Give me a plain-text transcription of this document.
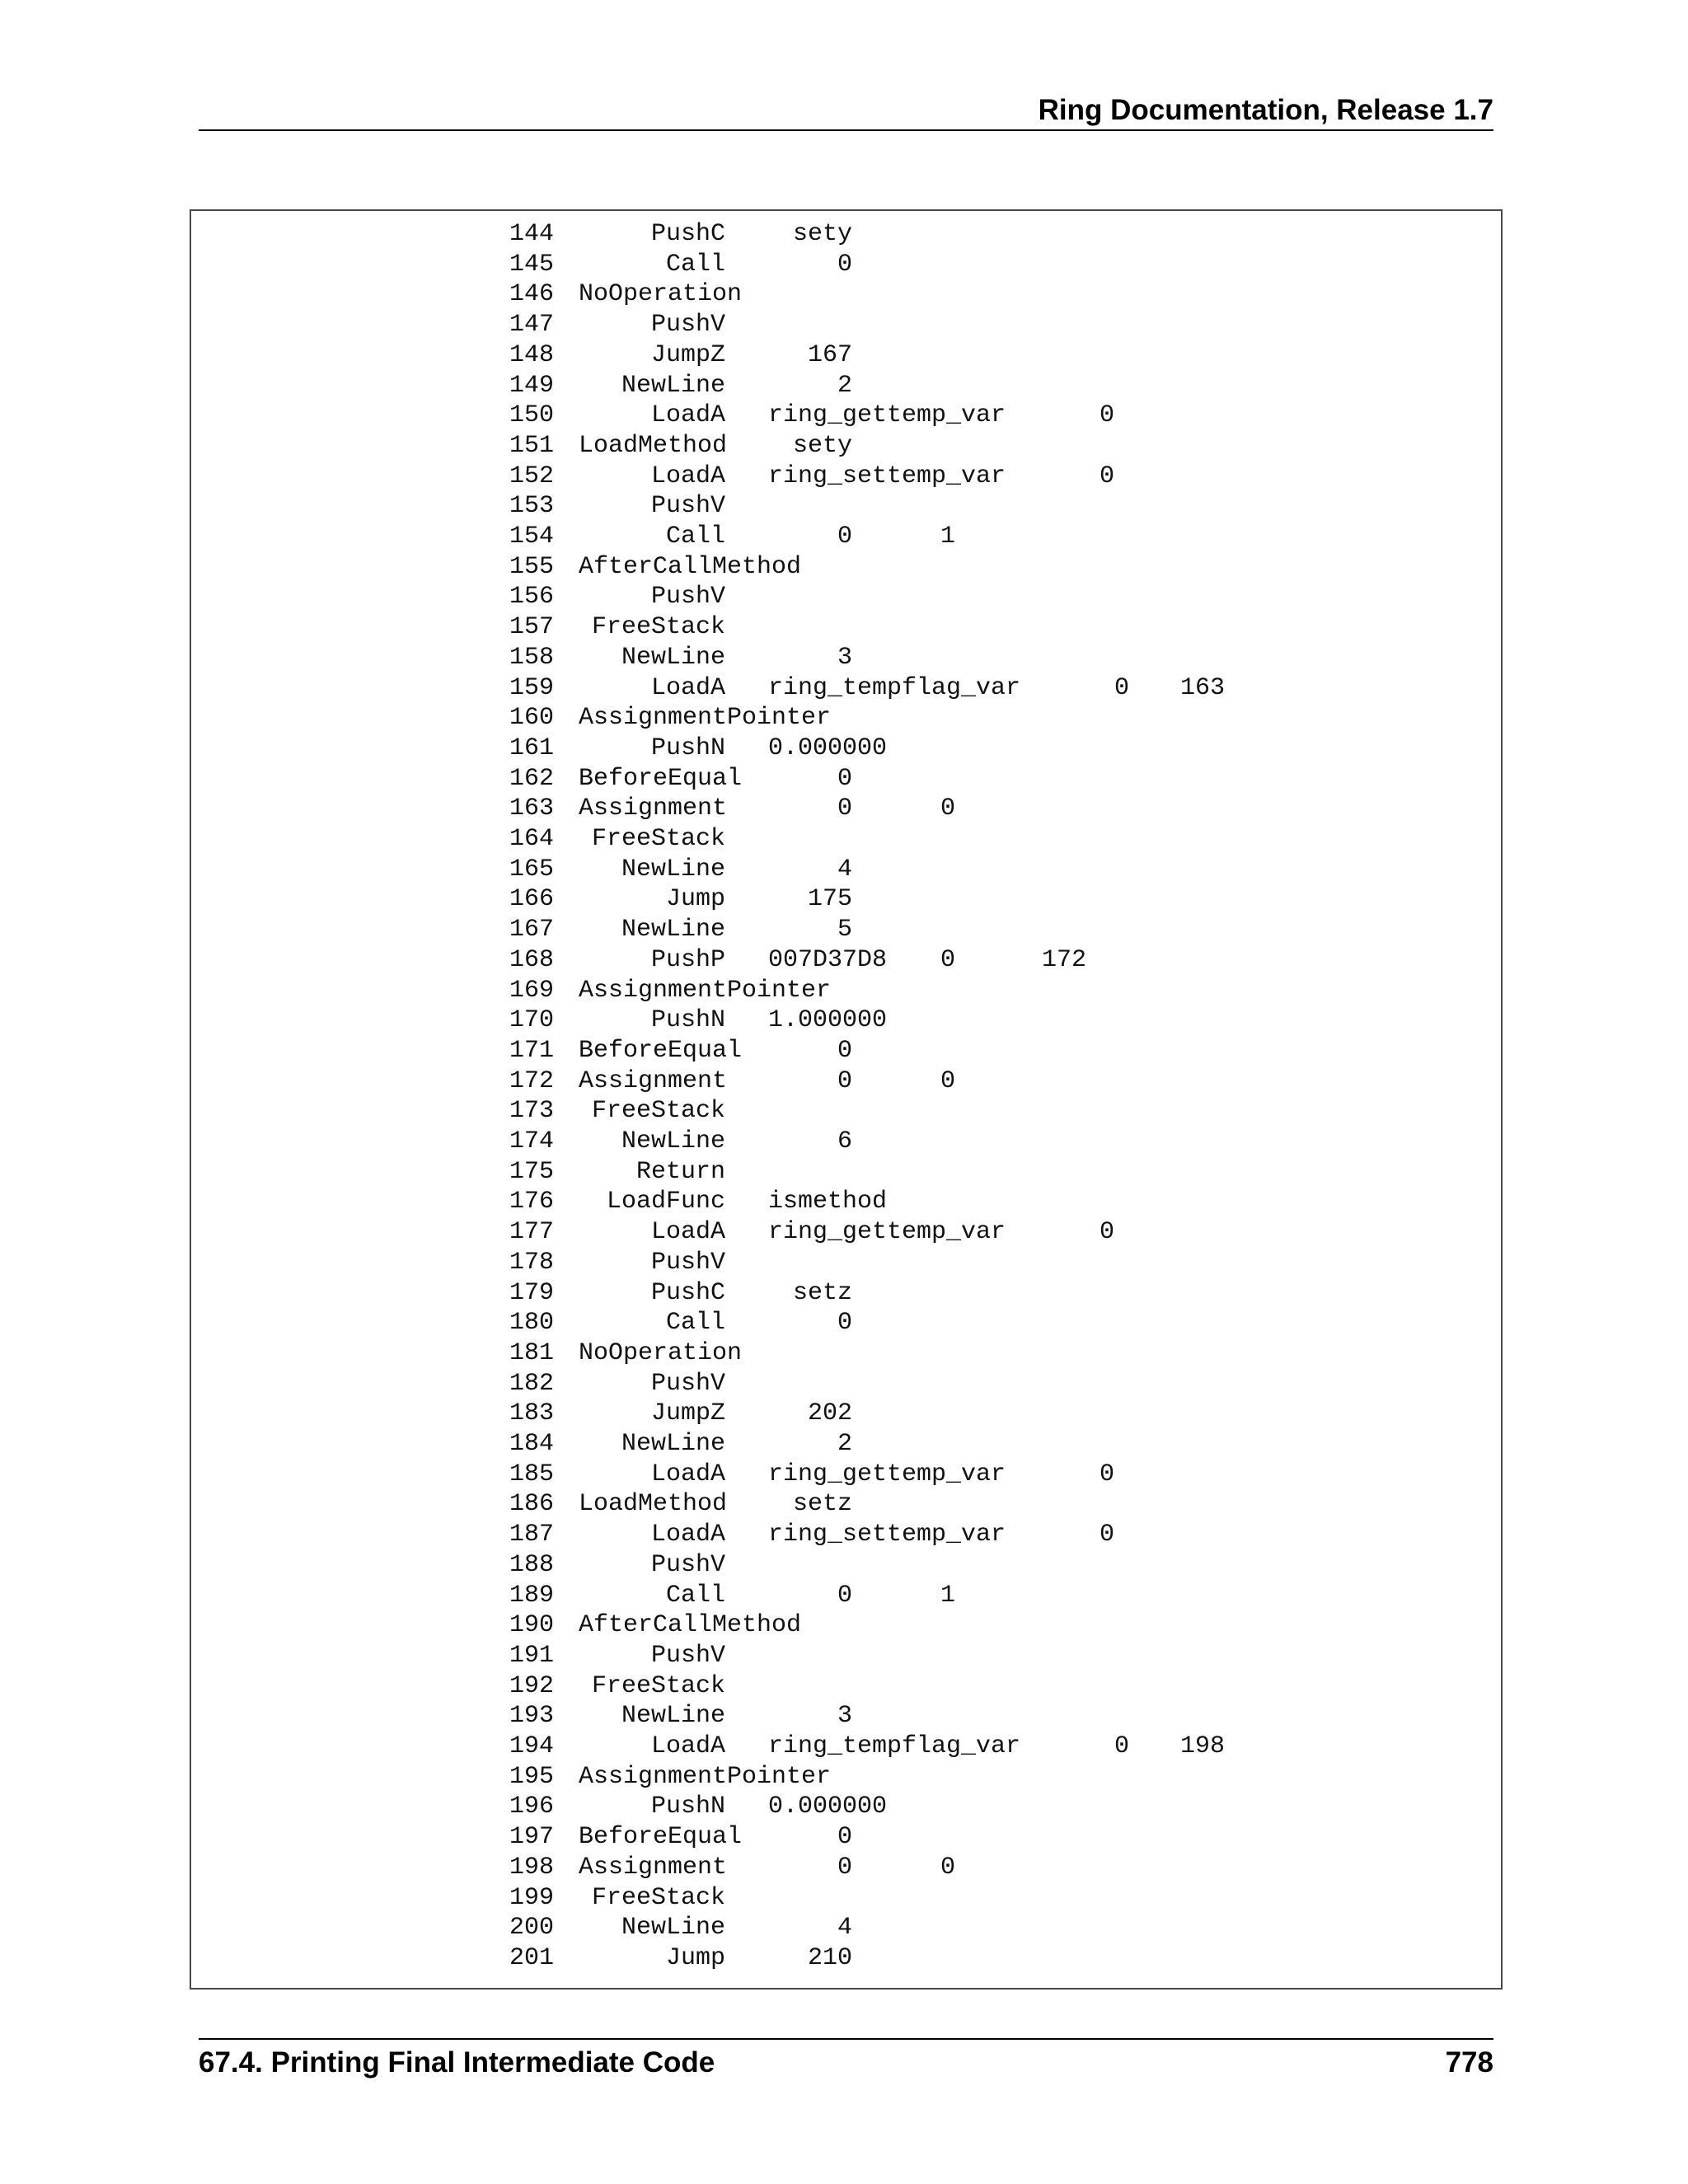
Ring Documentation, Release 1.7
144	PushC	sety
145	Call	0
146 NoOperation
147	PushV
148	JumpZ	167
149	NewLine	2
150	LoadA ring_gettemp_var	0
151 LoadMethod	sety
152	LoadA ring_settemp_var	0
153	PushV
154	Call	0	1
155 AfterCallMethod
156	PushV
157 FreeStack
158	NewLine	3
159	LoadA ring_tempflag_var	0 163
160 AssignmentPointer
161	PushN 0.000000
162 BeforeEqual	0
163 Assignment	0	0
164 FreeStack
165	NewLine	4
166	Jump	175
167	NewLine	5
168	PushP 007D37D8 0	172
169 AssignmentPointer
170	PushN 1.000000
171 BeforeEqual	0
172 Assignment	0	0
173 FreeStack
174	NewLine	6
175	Return
176 LoadFunc ismethod
177	LoadA ring_gettemp_var	0
178	PushV
179	PushC	setz
180	Call	0
181 NoOperation
182	PushV
183	JumpZ	202
184	NewLine	2
185	LoadA ring_gettemp_var	0
186 LoadMethod	setz
187	LoadA ring_settemp_var	0
188	PushV
189	Call	0	1
190 AfterCallMethod
191	PushV
192 FreeStack
193	NewLine	3
194	LoadA ring_tempflag_var	0 198
195 AssignmentPointer
196	PushN 0.000000
197 BeforeEqual	0
198 Assignment	0	0
199 FreeStack
200	NewLine	4
201	Jump	210
67.4. Printing Final Intermediate Code	778
